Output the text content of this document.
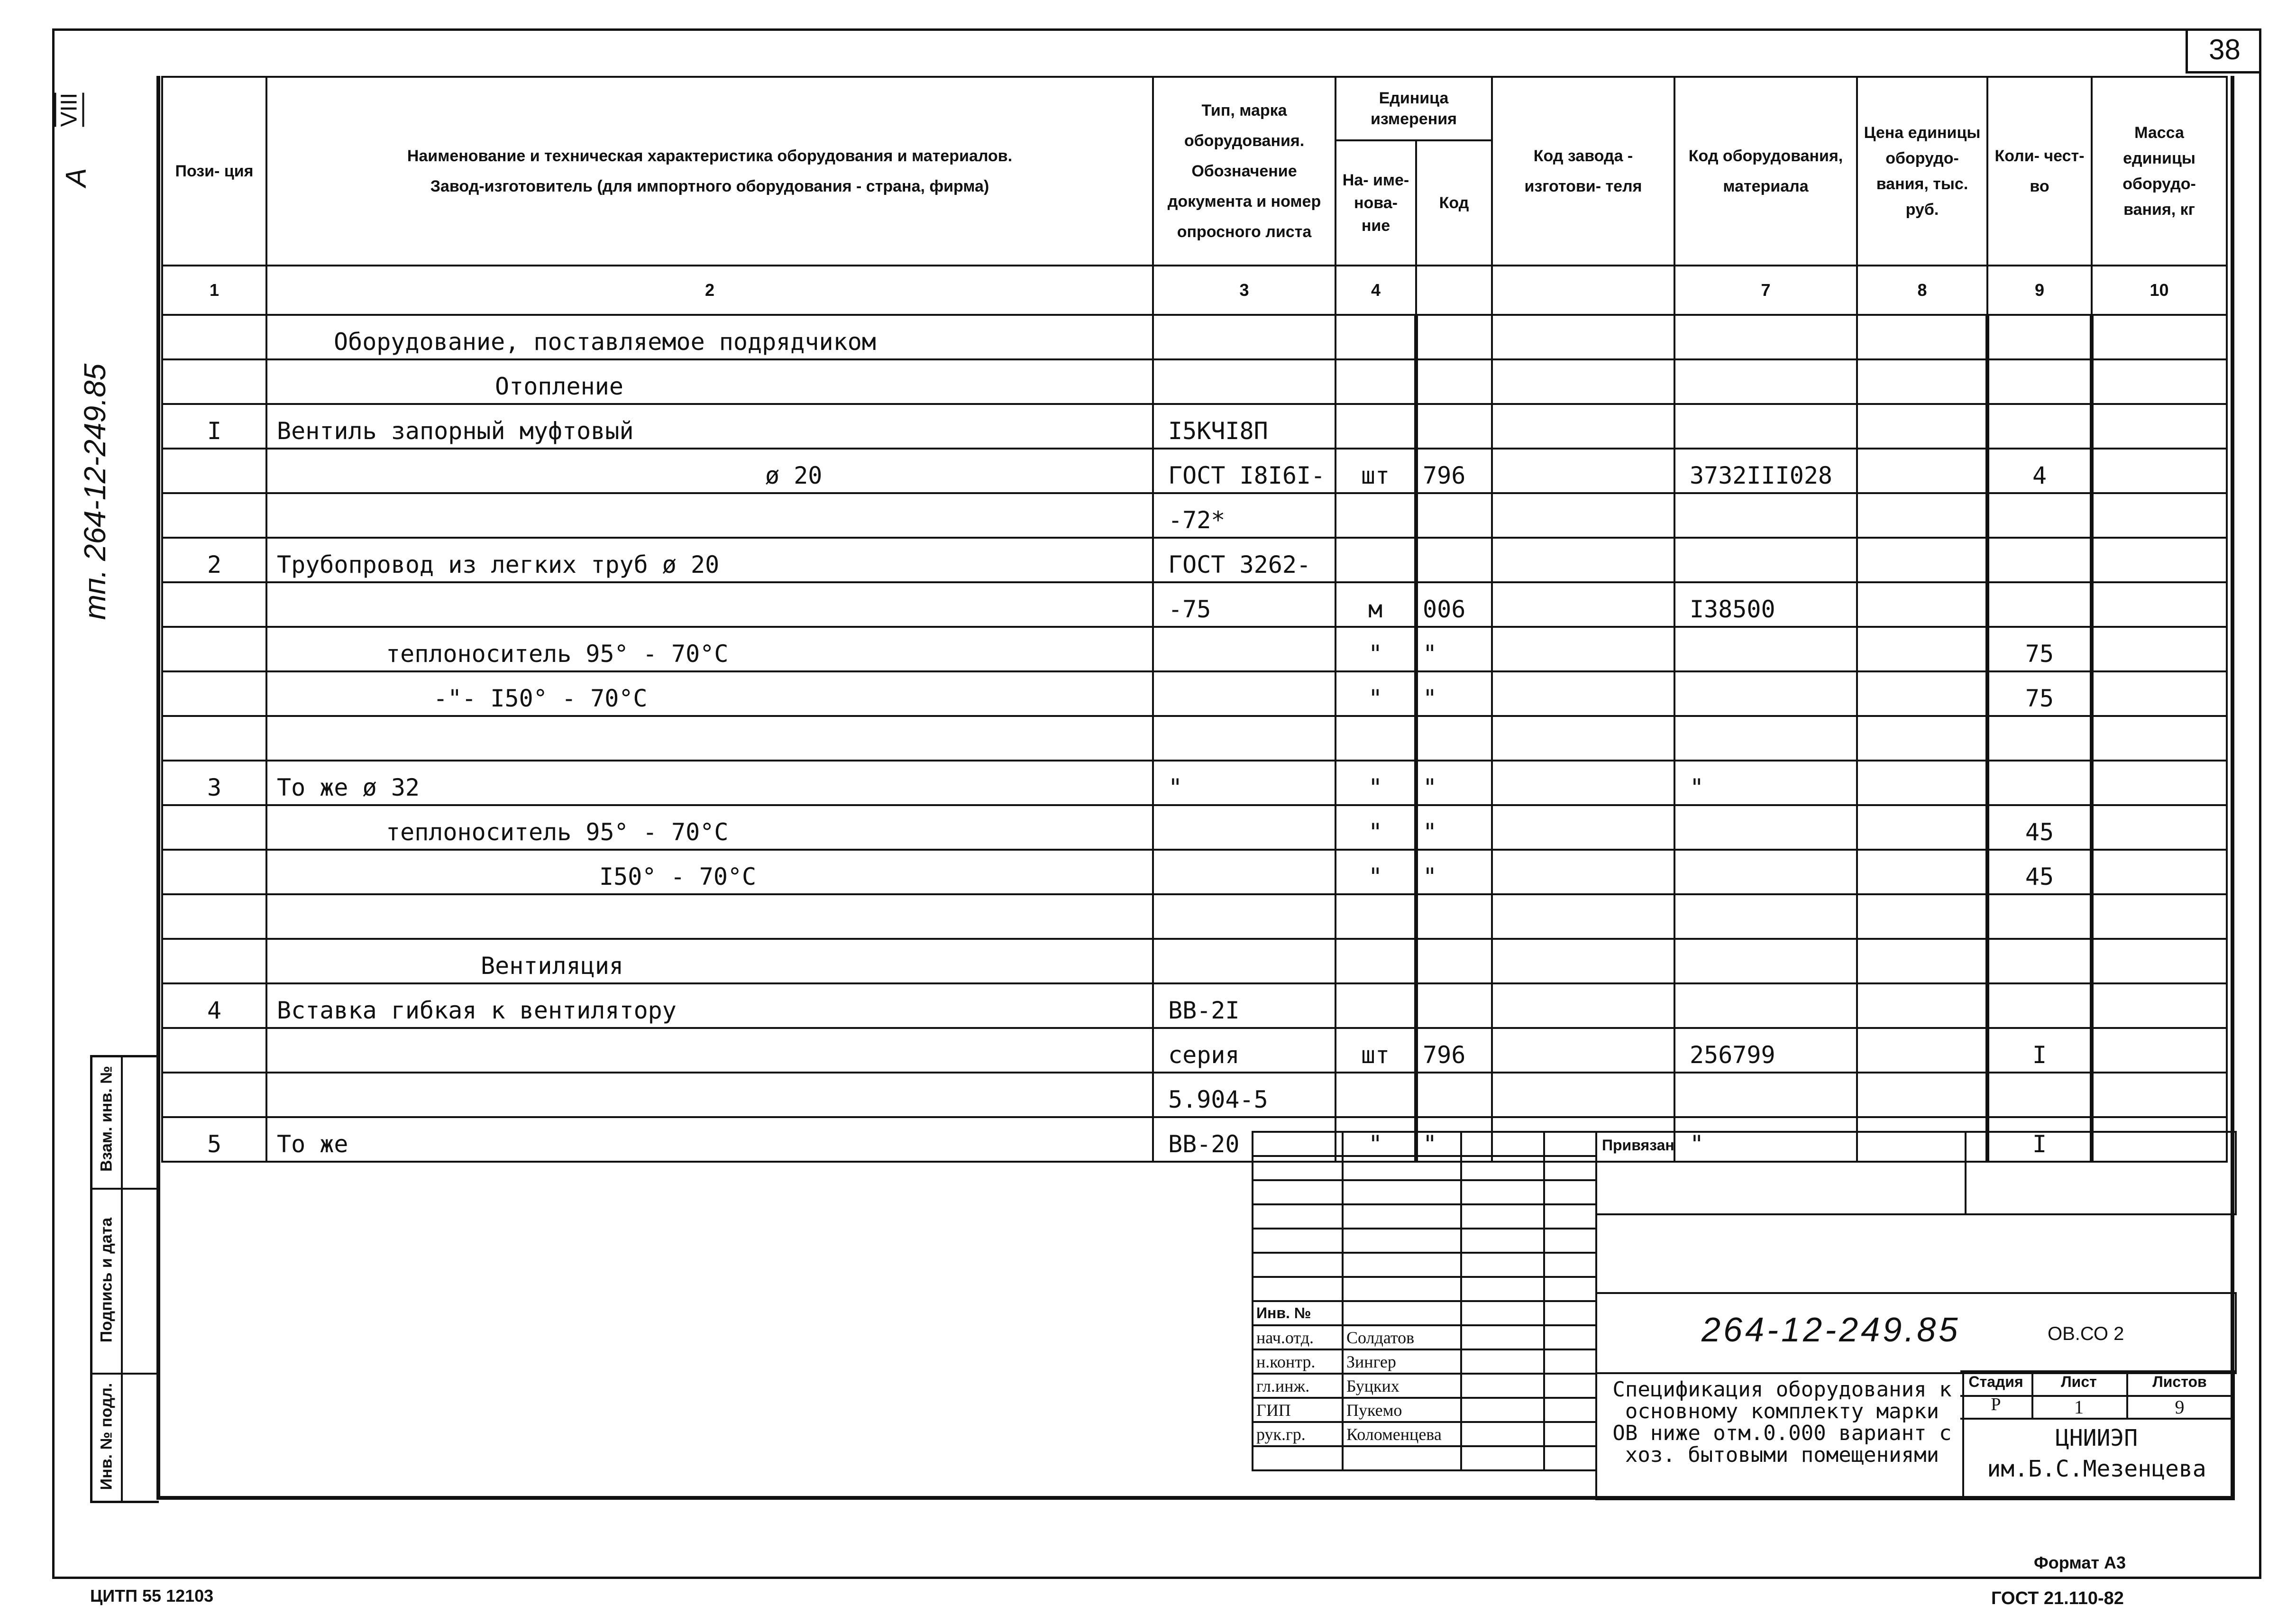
38
VIII
A
тп. 264-12-249.85
Взам. инв. №
Подпись и дата
Инв. № подл.
Пози- ция	Наименование и техническая характеристика оборудования и материалов.
Завод-изготовитель (для импортного оборудования - страна, фирма)	Тип, марка оборудования. Обозначение документа и номер опросного листа	Единица измерения		Код завода - изготови- теля	Код оборудования, материала	Цена единицы оборудо- вания, тыс. руб.	Коли- чест- во	Масса единицы оборудо- вания, кг
			На- име- нова- ние	Код					
1	2	3	4			7	8	9	10
	Оборудование, поставляемое подрядчиком								
	Отопление								
I	Вентиль запорный муфтовый	I5КЧI8П							
	ø 20	ГОСТ I8I6I-	шт	796		3732III028		4	
		-72*							
2	Трубопровод из легких труб ø 20	ГОСТ 3262-							
		-75	м	006		I38500			
	теплоноситель 95° - 70°С		"	"				75	
	-"- I50° - 70°С		"	"				75	

3	То же ø 32	"	"	"		"			
	теплоноситель 95° - 70°С		"	"				45	
	I50° - 70°С		"	"				45	

	Вентиляция								
4	Вставка гибкая к вентилятору	ВВ-2I							
		серия	шт	796		256799		I	
		5.904-5							
5	То же	ВВ-20	"	"		"		I	

Инв. №			
нач.отд.	Солдатов		
н.контр.	Зингер		
гл.инж.	Буцких		
ГИП	Пукемо		
рук.гр.	Коломенцева		

Привязан
264-12-249.85	ОВ.СО 2
Спецификация оборудования к основному комплекту марки ОВ ниже отм.0.000 вариант с хоз. бытовыми помещениями
Стадия	Лист	Листов
Р	1	9
ЦНИИЭП
им.Б.С.Мезенцева
Формат А3
ГОСТ 21.110-82
ЦИТП 55 12103
